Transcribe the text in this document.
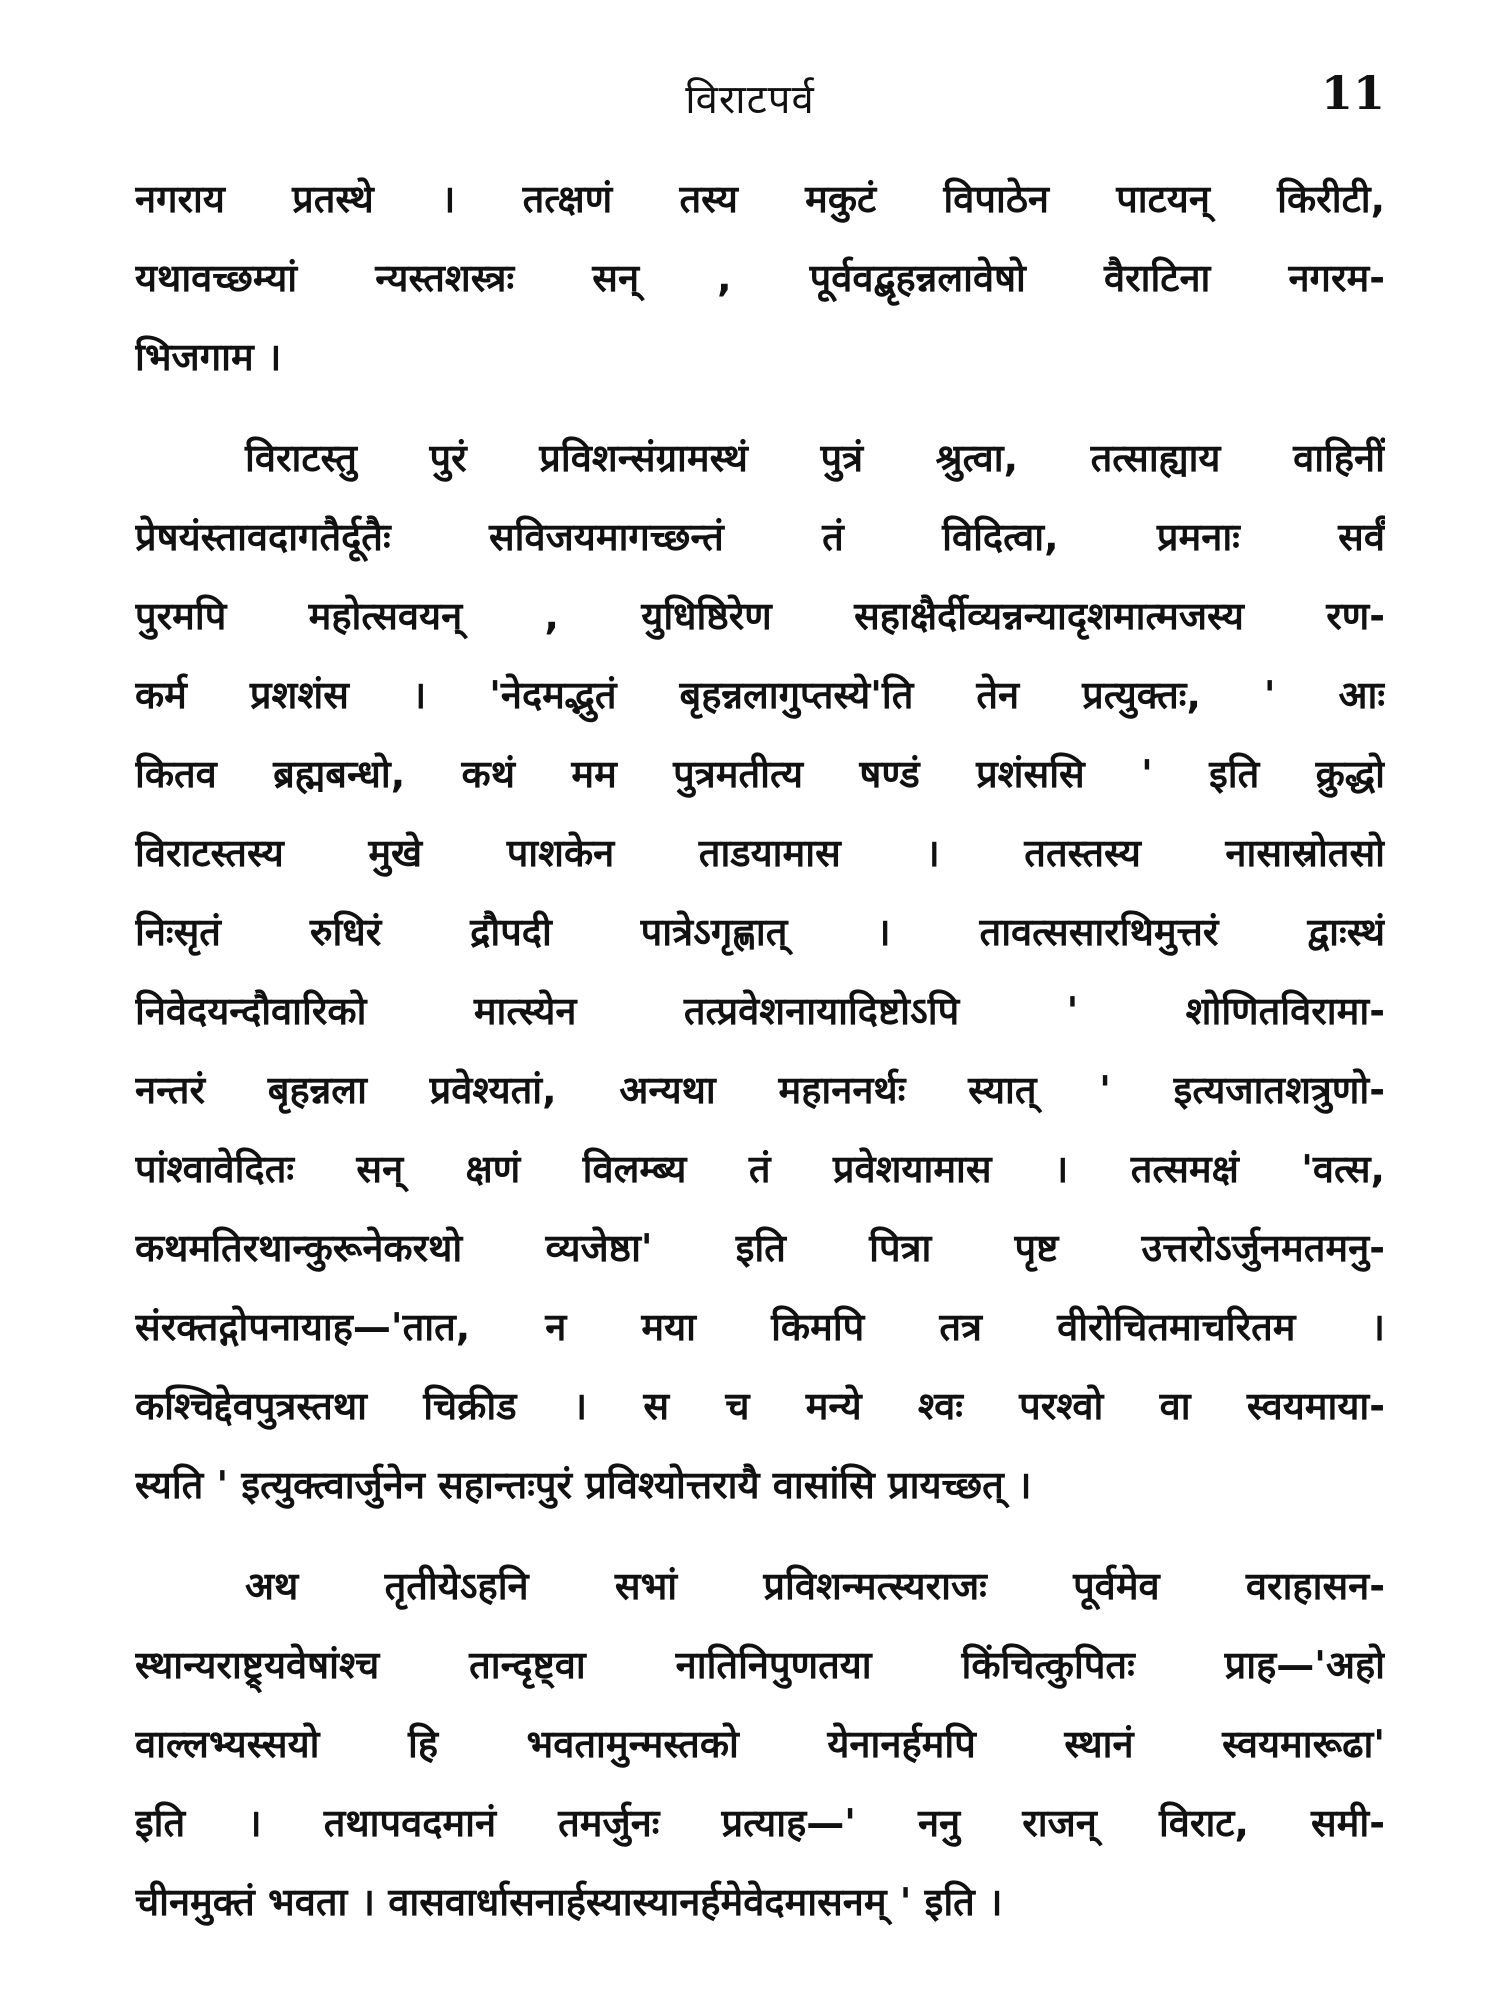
विराटपर्व	11
नगराय प्रतस्थे । तत्क्षणं तस्य मकुटं विपाठेन पाटयन् किरीटी,
यथावच्छम्यां न्यस्तशस्त्रः सन् , पूर्ववद्बृहन्नलावेषो वैराटिना नगरम-
भिजगाम ।
विराटस्तु पुरं प्रविशन्संग्रामस्थं पुत्रं श्रुत्वा, तत्साह्याय वाहिनीं
प्रेषयंस्तावदागतैर्दूतैः सविजयमागच्छन्तं तं विदित्वा, प्रमनाः सर्वं
पुरमपि महोत्सवयन् , युधिष्ठिरेण सहाक्षैर्दीव्यन्नन्यादृशमात्मजस्य रण-
कर्म प्रशशंस । 'नेदमद्भुतं बृहन्नलागुप्तस्ये'ति तेन प्रत्युक्तः, ' आः
कितव ब्रह्मबन्धो, कथं मम पुत्रमतीत्य षण्डं प्रशंससि ' इति क्रुद्धो
विराटस्तस्य मुखे पाशकेन ताडयामास । ततस्तस्य नासास्रोतसो
निःसृतं रुधिरं द्रौपदी पात्रेऽगृह्णात् । तावत्ससारथिमुत्तरं द्वाःस्थं
निवेदयन्दौवारिको मात्स्येन तत्प्रवेशनायादिष्टोऽपि ' शोणितविरामा-
नन्तरं बृहन्नला प्रवेश्यतां, अन्यथा महाननर्थः स्यात् ' इत्यजातशत्रुणो-
पांश्वावेदितः सन् क्षणं विलम्ब्य तं प्रवेशयामास । तत्समक्षं 'वत्स,
कथमतिरथान्कुरूनेकरथो व्यजेष्ठा' इति पित्रा पृष्ट उत्तरोऽर्जुनमतमनु-
संरक्तद्गोपनायाह—'तात, न मया किमपि तत्र वीरोचितमाचरितम ।
कश्चिद्देवपुत्रस्तथा चिक्रीड । स च मन्ये श्वः परश्वो वा स्वयमाया-
स्यति ' इत्युक्त्वार्जुनेन सहान्तःपुरं प्रविश्योत्तरायै वासांसि प्रायच्छत् ।
अथ तृतीयेऽहनि सभां प्रविशन्मत्स्यराजः पूर्वमेव वराहासन-
स्थान्यराष्ट्र्यवेषांश्च तान्दृष्ट्वा नातिनिपुणतया किंचित्कुपितः प्राह—'अहो
वाल्लभ्यस्सयो हि भवतामुन्मस्तको येनानर्हमपि स्थानं स्वयमारूढा'
इति । तथापवदमानं तमर्जुनः प्रत्याह—' ननु राजन् विराट, समी-
चीनमुक्तं भवता । वासवार्धासनार्हस्यास्यानर्हमेवेदमासनम् ' इति ।
